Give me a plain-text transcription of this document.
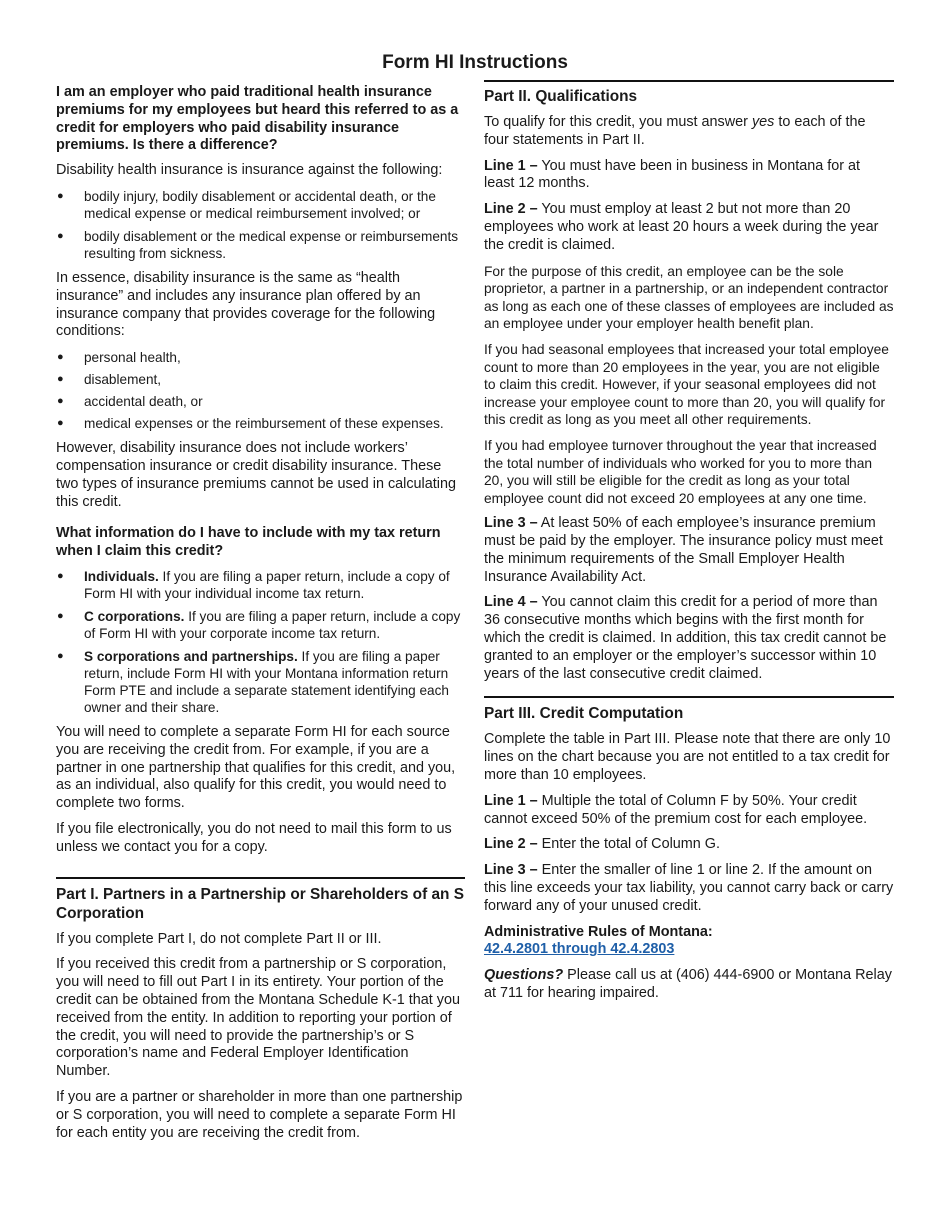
Form HI Instructions
I am an employer who paid traditional health insurance premiums for my employees but heard this referred to as a credit for employers who paid disability insurance premiums. Is there a difference?

Disability health insurance is insurance against the following:

● bodily injury, bodily disablement or accidental death, or the medical expense or medical reimbursement involved; or
● bodily disablement or the medical expense or reimbursements resulting from sickness.

In essence, disability insurance is the same as “health insurance” and includes any insurance plan offered by an insurance company that provides coverage for the following conditions:

● personal health,
● disablement,
● accidental death, or
● medical expenses or the reimbursement of these expenses.

However, disability insurance does not include workers’ compensation insurance or credit disability insurance. These two types of insurance premiums cannot be used in calculating this credit.

What information do I have to include with my tax return when I claim this credit?
● Individuals. If you are filing a paper return, include a copy of Form HI with your individual income tax return.
● C corporations. If you are filing a paper return, include a copy of Form HI with your corporate income tax return.
● S corporations and partnerships. If you are filing a paper return, include Form HI with your Montana information return Form PTE and include a separate statement identifying each owner and their share.

You will need to complete a separate Form HI for each source you are receiving the credit from. For example, if you are a partner in one partnership that qualifies for this credit, and you, as an individual, also qualify for this credit, you would need to complete two forms.

If you file electronically, you do not need to mail this form to us unless we contact you for a copy.

Part I. Partners in a Partnership or Shareholders of an S Corporation

If you complete Part I, do not complete Part II or III.

If you received this credit from a partnership or S corporation, you will need to fill out Part I in its entirety. Your portion of the credit can be obtained from the Montana Schedule K-1 that you received from the entity. In addition to reporting your portion of the credit, you will need to provide the partnership’s or S corporation’s name and Federal Employer Identification Number.

If you are a partner or shareholder in more than one partnership or S corporation, you will need to complete a separate Form HI for each entity you are receiving the credit from.

Part II. Qualifications

To qualify for this credit, you must answer yes to each of the four statements in Part II.

Line 1 – You must have been in business in Montana for at least 12 months.

Line 2 – You must employ at least 2 but not more than 20 employees who work at least 20 hours a week during the year the credit is claimed.

For the purpose of this credit, an employee can be the sole proprietor, a partner in a partnership, or an independent contractor as long as each one of these classes of employees are included as an employee under your employer health benefit plan.

If you had seasonal employees that increased your total employee count to more than 20 employees in the year, you are not eligible to claim this credit. However, if your seasonal employees did not increase your employee count to more than 20, you will qualify for this credit as long as you meet all other requirements.

If you had employee turnover throughout the year that increased the total number of individuals who worked for you to more than 20, you will still be eligible for the credit as long as your total employee count did not exceed 20 employees at any one time.

Line 3 – At least 50% of each employee’s insurance premium must be paid by the employer. The insurance policy must meet the minimum requirements of the Small Employer Health Insurance Availability Act.

Line 4 – You cannot claim this credit for a period of more than 36 consecutive months which begins with the first month for which the credit is claimed. In addition, this tax credit cannot be granted to an employer or the employer’s successor within 10 years of the last consecutive credit claimed.

Part III. Credit Computation

Complete the table in Part III. Please note that there are only 10 lines on the chart because you are not entitled to a tax credit for more than 10 employees.

Line 1 – Multiple the total of Column F by 50%. Your credit cannot exceed 50% of the premium cost for each employee.

Line 2 – Enter the total of Column G.

Line 3 – Enter the smaller of line 1 or line 2. If the amount on this line exceeds your tax liability, you cannot carry back or carry forward any of your unused credit.

Administrative Rules of Montana:
42.4.2801 through 42.4.2803

Questions? Please call us at (406) 444-6900 or Montana Relay at 711 for hearing impaired.
